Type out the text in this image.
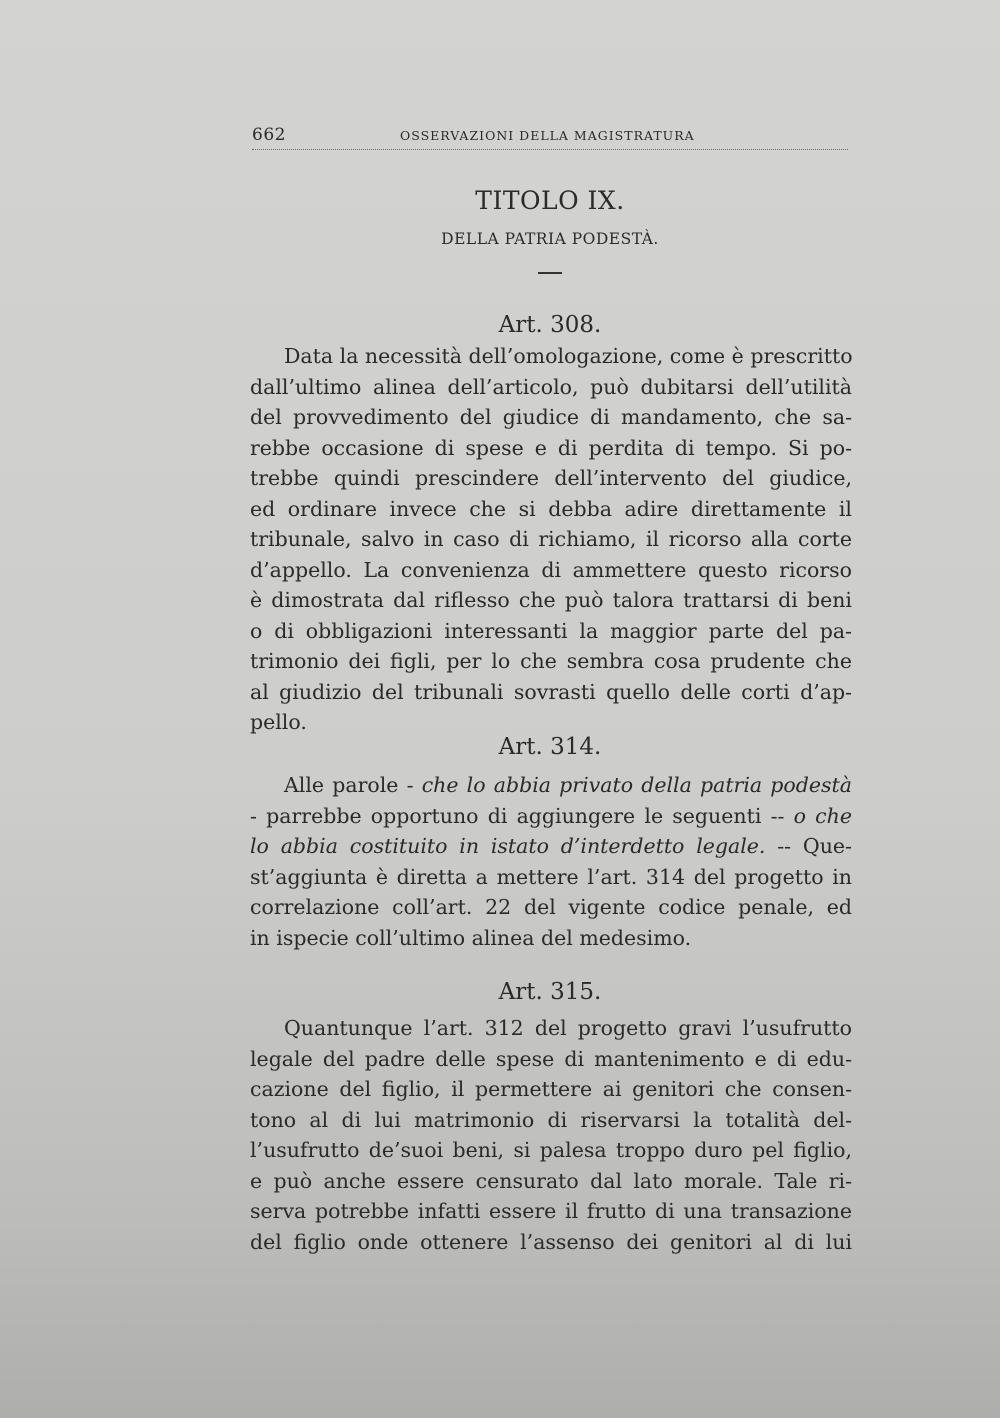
662	OSSERVAZIONI DELLA MAGISTRATURA
TITOLO IX.
DELLA PATRIA PODESTÀ.
Art. 308.
Data la necessità dell’omologazione, come è prescritto
dall’ultimo alinea dell’articolo, può dubitarsi dell’utilità
del provvedimento del giudice di mandamento, che sa-
rebbe occasione di spese e di perdita di tempo. Si po-
trebbe quindi prescindere dell’intervento del giudice,
ed ordinare invece che si debba adire direttamente il
tribunale, salvo in caso di richiamo, il ricorso alla corte
d’appello. La convenienza di ammettere questo ricorso
è dimostrata dal riflesso che può talora trattarsi di beni
o di obbligazioni interessanti la maggior parte del pa-
trimonio dei figli, per lo che sembra cosa prudente che
al giudizio del tribunali sovrasti quello delle corti d’ap-
pello.
Art. 314.
Alle parole - che lo abbia privato della patria podestà
- parrebbe opportuno di aggiungere le seguenti -- o che
lo abbia costituito in istato d’interdetto legale. -- Que-
st’aggiunta è diretta a mettere l’art. 314 del progetto in
correlazione coll’art. 22 del vigente codice penale, ed
in ispecie coll’ultimo alinea del medesimo.
Art. 315.
Quantunque l’art. 312 del progetto gravi l’usufrutto
legale del padre delle spese di mantenimento e di edu-
cazione del figlio, il permettere ai genitori che consen-
tono al di lui matrimonio di riservarsi la totalità del-
l’usufrutto de’suoi beni, si palesa troppo duro pel figlio,
e può anche essere censurato dal lato morale. Tale ri-
serva potrebbe infatti essere il frutto di una transazione
del figlio onde ottenere l’assenso dei genitori al di lui
